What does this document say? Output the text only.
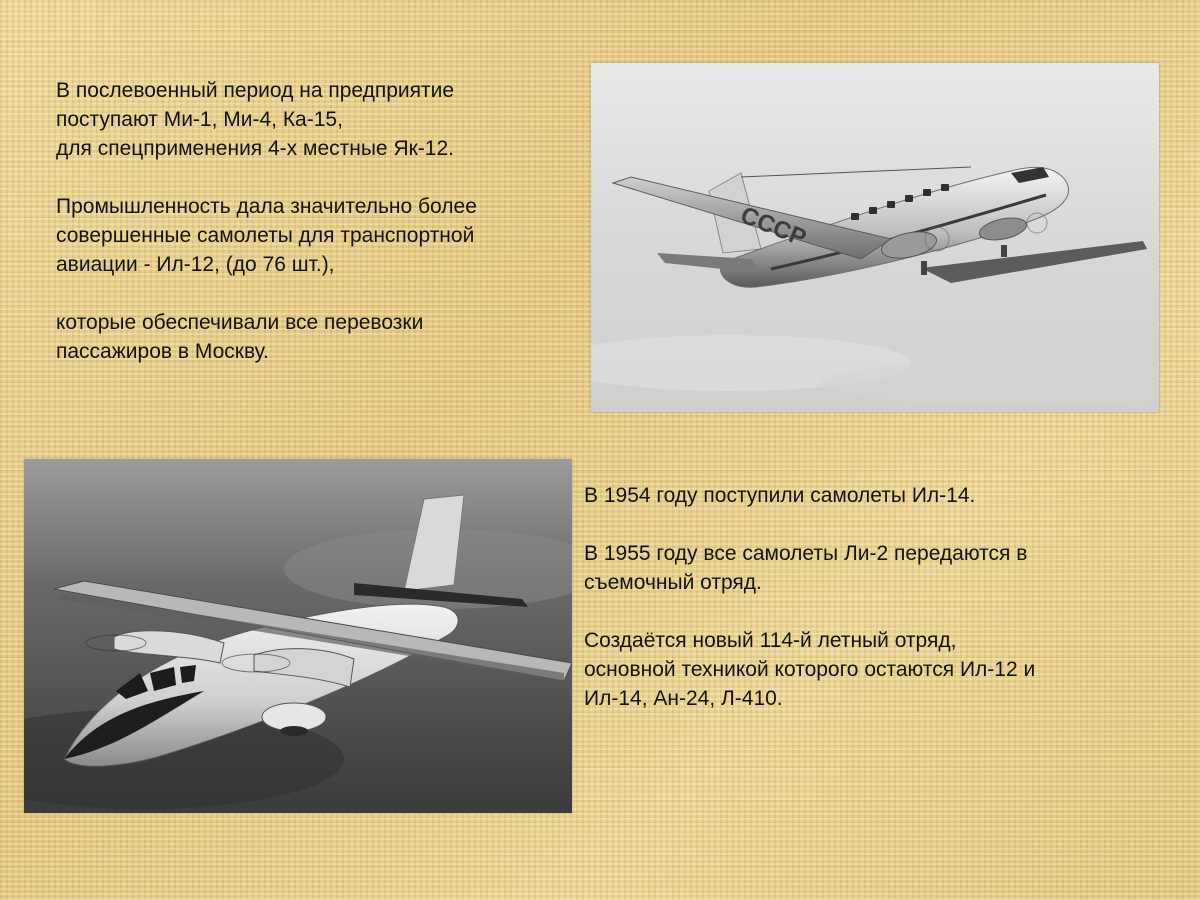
В послевоенный период на предприятие

поступают Ми-1, Ми-4, Ка-15,

для спецприменения 4-х местные Як-12.

Промышленность дала значительно более

совершенные самолеты для транспортной

авиации - Ил-12, (до 76 шт.),

которые обеспечивали все перевозки

пассажиров в Москву.

СССР

В 1954 году поступили самолеты Ил-14.

В 1955 году все самолеты Ли-2 передаются в

съемочный отряд.

Создаётся новый 114-й летный отряд,

основной техникой которого остаются Ил-12 и

Ил-14, Ан-24, Л-410.
